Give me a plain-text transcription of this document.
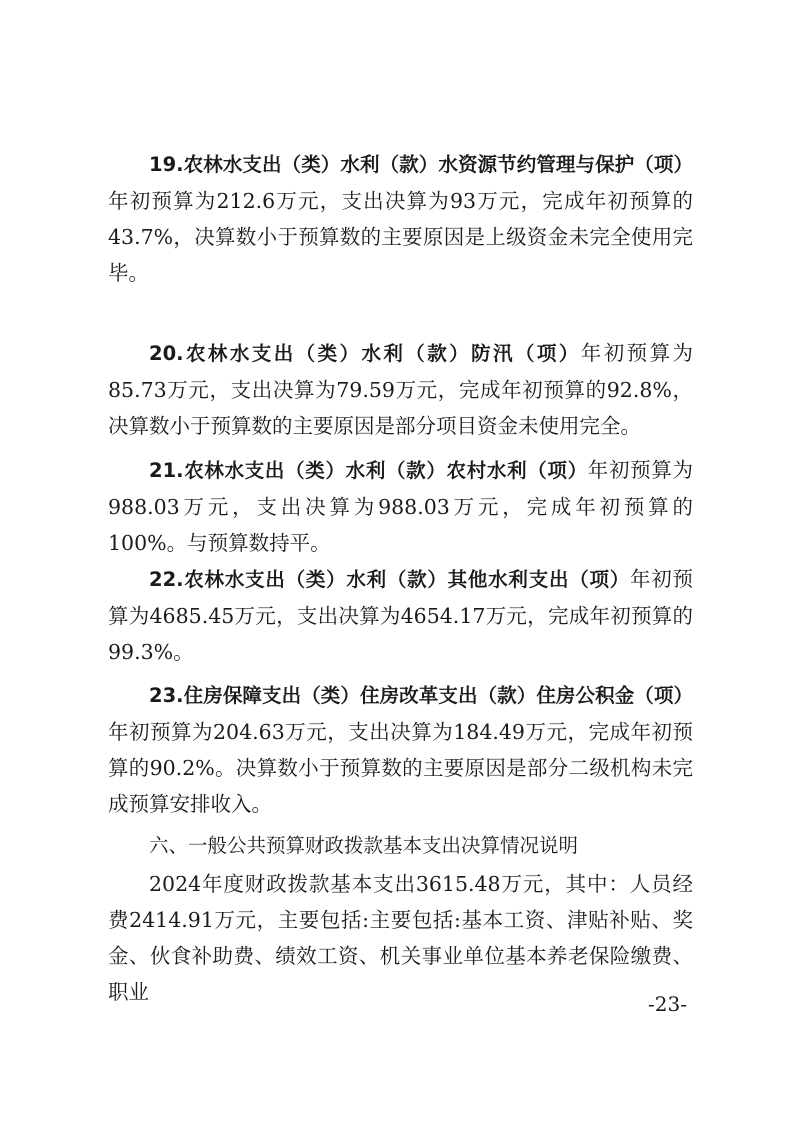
19.农林水支出（类）水利（款）水资源节约管理与保护（项）年初预算为212.6万元，支出决算为93万元，完成年初预算的43.7%，决算数小于预算数的主要原因是上级资金未完全使用完毕。

20.农林水支出（类）水利（款）防汛（项）年初预算为85.73万元，支出决算为79.59万元，完成年初预算的92.8%，决算数小于预算数的主要原因是部分项目资金未使用完全。

21.农林水支出（类）水利（款）农村水利（项）年初预算为988.03万元，支出决算为988.03万元，完成年初预算的100%。与预算数持平。

22.农林水支出（类）水利（款）其他水利支出（项）年初预算为4685.45万元，支出决算为4654.17万元，完成年初预算的99.3%。

23.住房保障支出（类）住房改革支出（款）住房公积金（项）年初预算为204.63万元，支出决算为184.49万元，完成年初预算的90.2%。决算数小于预算数的主要原因是部分二级机构未完成预算安排收入。

六、一般公共预算财政拨款基本支出决算情况说明

2024年度财政拨款基本支出3615.48万元，其中：人员经费2414.91万元，主要包括:主要包括:基本工资、津贴补贴、奖金、伙食补助费、绩效工资、机关事业单位基本养老保险缴费、职业	-23-
